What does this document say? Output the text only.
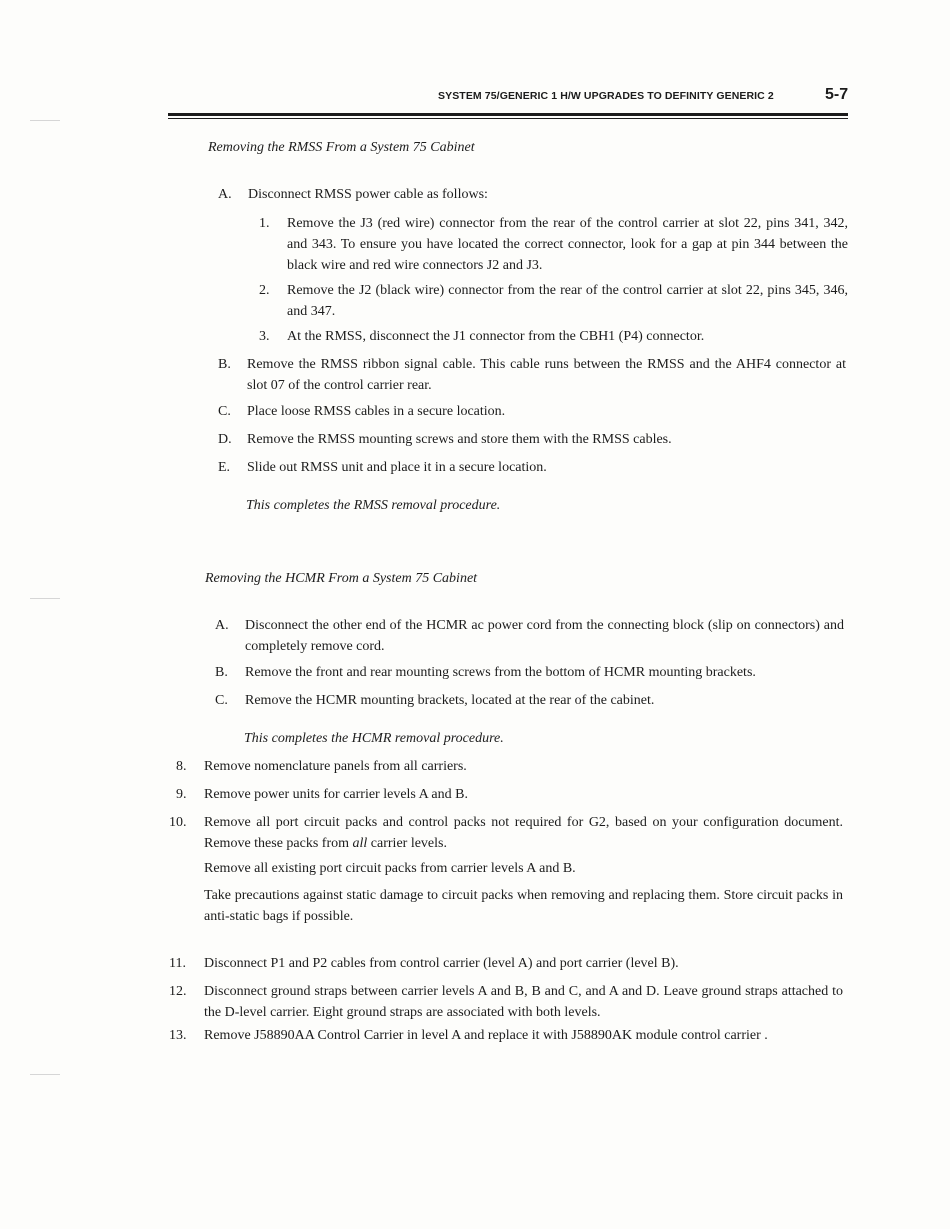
SYSTEM 75/GENERIC 1 H/W UPGRADES TO DEFINITY GENERIC 2	5-7
Removing the RMSS From a System 75 Cabinet
A. Disconnect RMSS power cable as follows:
1. Remove the J3 (red wire) connector from the rear of the control carrier at slot 22, pins 341, 342, and 343. To ensure you have located the correct connector, look for a gap at pin 344 between the black wire and red wire connectors J2 and J3.
2. Remove the J2 (black wire) connector from the rear of the control carrier at slot 22, pins 345, 346, and 347.
3. At the RMSS, disconnect the J1 connector from the CBH1 (P4) connector.
B. Remove the RMSS ribbon signal cable. This cable runs between the RMSS and the AHF4 connector at slot 07 of the control carrier rear.
C. Place loose RMSS cables in a secure location.
D. Remove the RMSS mounting screws and store them with the RMSS cables.
E. Slide out RMSS unit and place it in a secure location.
This completes the RMSS removal procedure.
Removing the HCMR From a System 75 Cabinet
A. Disconnect the other end of the HCMR ac power cord from the connecting block (slip on connectors) and completely remove cord.
B. Remove the front and rear mounting screws from the bottom of HCMR mounting brackets.
C. Remove the HCMR mounting brackets, located at the rear of the cabinet.
This completes the HCMR removal procedure.
8. Remove nomenclature panels from all carriers.
9. Remove power units for carrier levels A and B.
10. Remove all port circuit packs and control packs not required for G2, based on your configuration document. Remove these packs from all carrier levels.
Remove all existing port circuit packs from carrier levels A and B.
Take precautions against static damage to circuit packs when removing and replacing them. Store circuit packs in anti-static bags if possible.
11. Disconnect P1 and P2 cables from control carrier (level A) and port carrier (level B).
12. Disconnect ground straps between carrier levels A and B, B and C, and A and D. Leave ground straps attached to the D-level carrier. Eight ground straps are associated with both levels.
13. Remove J58890AA Control Carrier in level A and replace it with J58890AK module control carrier .
